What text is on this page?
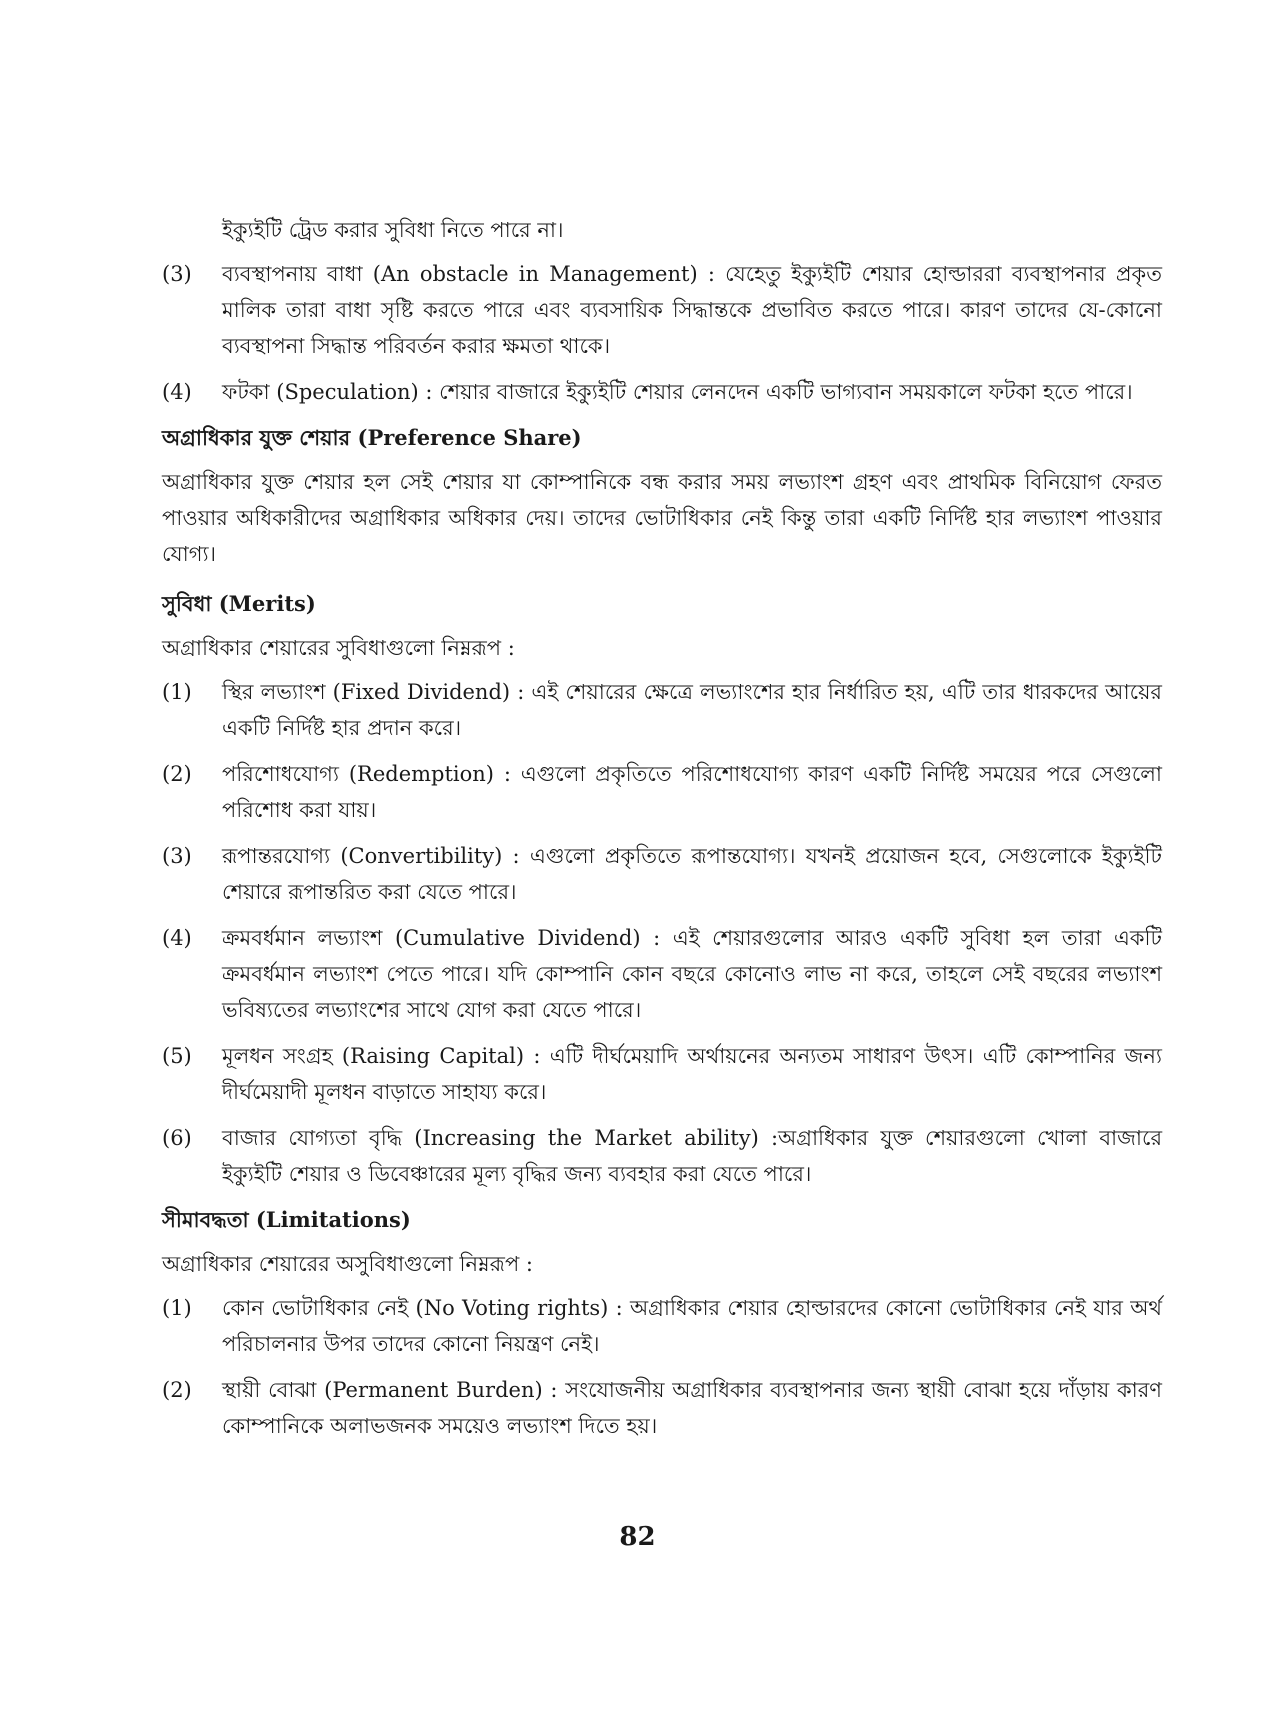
ইক্যুইটি ট্রেড করার সুবিধা নিতে পারে না।

(3)	ব্যবস্থাপনায় বাধা (An obstacle in Management) : যেহেতু ইক্যুইটি শেয়ার হোল্ডাররা ব্যবস্থাপনার প্রকৃত মালিক তারা বাধা সৃষ্টি করতে পারে এবং ব্যবসায়িক সিদ্ধান্তকে প্রভাবিত করতে পারে। কারণ তাদের যে-কোনো ব্যবস্থাপনা সিদ্ধান্ত পরিবর্তন করার ক্ষমতা থাকে।
(4)	ফটকা (Speculation) : শেয়ার বাজারে ইক্যুইটি শেয়ার লেনদেন একটি ভাগ্যবান সময়কালে ফটকা হতে পারে।
অগ্রাধিকার যুক্ত শেয়ার (Preference Share)

অগ্রাধিকার যুক্ত শেয়ার হল সেই শেয়ার যা কোম্পানিকে বন্ধ করার সময় লভ্যাংশ গ্রহণ এবং প্রাথমিক বিনিয়োগ ফেরত পাওয়ার অধিকারীদের অগ্রাধিকার অধিকার দেয়। তাদের ভোটাধিকার নেই কিন্তু তারা একটি নির্দিষ্ট হার লভ্যাংশ পাওয়ার যোগ্য।

সুবিধা (Merits)

অগ্রাধিকার শেয়ারের সুবিধাগুলো নিম্নরূপ :

(1)	স্থির লভ্যাংশ (Fixed Dividend) : এই শেয়ারের ক্ষেত্রে লভ্যাংশের হার নির্ধারিত হয়, এটি তার ধারকদের আয়ের একটি নির্দিষ্ট হার প্রদান করে।
(2)	পরিশোধযোগ্য (Redemption) : এগুলো প্রকৃতিতে পরিশোধযোগ্য কারণ একটি নির্দিষ্ট সময়ের পরে সেগুলো পরিশোধ করা যায়।
(3)	রূপান্তরযোগ্য (Convertibility) : এগুলো প্রকৃতিতে রূপান্তযোগ্য। যখনই প্রয়োজন হবে, সেগুলোকে ইক্যুইটি শেয়ারে রূপান্তরিত করা যেতে পারে।
(4)	ক্রমবর্ধমান লভ্যাংশ (Cumulative Dividend) : এই শেয়ারগুলোর আরও একটি সুবিধা হল তারা একটি ক্রমবর্ধমান লভ্যাংশ পেতে পারে। যদি কোম্পানি কোন বছরে কোনোও লাভ না করে, তাহলে সেই বছরের লভ্যাংশ ভবিষ্যতের লভ্যাংশের সাথে যোগ করা যেতে পারে।
(5)	মূলধন সংগ্রহ (Raising Capital) : এটি দীর্ঘমেয়াদি অর্থায়নের অন্যতম সাধারণ উৎস। এটি কোম্পানির জন্য দীর্ঘমেয়াদী মূলধন বাড়াতে সাহায্য করে।
(6)	বাজার যোগ্যতা বৃদ্ধি (Increasing the Market ability) :অগ্রাধিকার যুক্ত শেয়ারগুলো খোলা বাজারে ইক্যুইটি শেয়ার ও ডিবেঞ্চারের মূল্য বৃদ্ধির জন্য ব্যবহার করা যেতে পারে।
সীমাবদ্ধতা (Limitations)

অগ্রাধিকার শেয়ারের অসুবিধাগুলো নিম্নরূপ :

(1)	কোন ভোটাধিকার নেই (No Voting rights) : অগ্রাধিকার শেয়ার হোল্ডারদের কোনো ভোটাধিকার নেই যার অর্থ পরিচালনার উপর তাদের কোনো নিয়ন্ত্রণ নেই।
(2)	স্থায়ী বোঝা (Permanent Burden) : সংযোজনীয় অগ্রাধিকার ব্যবস্থাপনার জন্য স্থায়ী বোঝা হয়ে দাঁড়ায় কারণ কোম্পানিকে অলাভজনক সময়েও লভ্যাংশ দিতে হয়।
82
